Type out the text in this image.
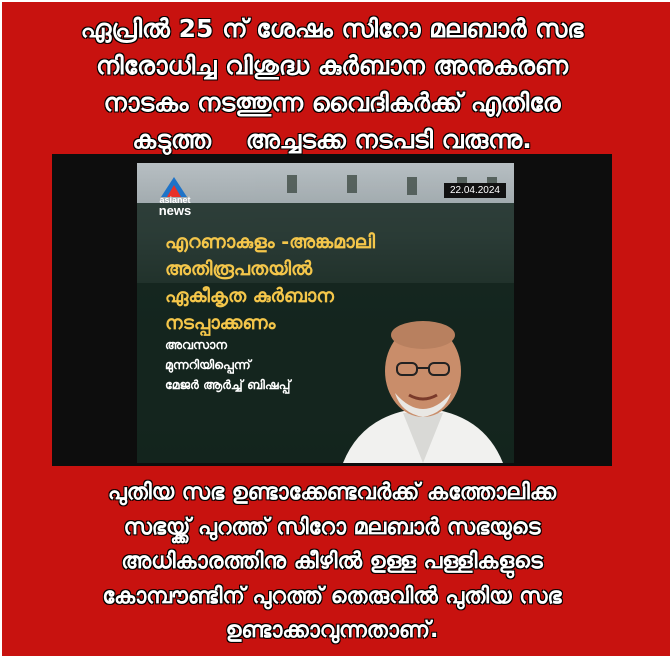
ഏപ്രിൽ 25 ന് ശേഷം സിറോ മലബാർ സഭ
നിരോധിച്ച വിശുദ്ധ കുർബാന അനുകരണ
നാടകം നടത്തുന്ന വൈദികർക്ക് എതിരേ
കടുത്ത    അച്ചടക്ക നടപടി വരുന്നു.
asianet
news
22.04.2024
എറണാകുളം -അങ്കമാലി
അതിരൂപതയിൽ
ഏകീകൃത കുർബാന
നടപ്പാക്കണം
അവസാന
മുന്നറിയിപ്പെന്ന്
മേജർ ആർച്ച് ബിഷപ്പ്
പുതിയ സഭ ഉണ്ടാക്കേണ്ടവർക്ക് കത്തോലിക്ക
സഭയ്ക്ക് പുറത്ത് സിറോ മലബാർ സഭയുടെ
അധികാരത്തിനു കീഴിൽ ഉള്ള പള്ളികളുടെ
കോമ്പൗണ്ടിന് പുറത്ത് തെരുവിൽ പുതിയ സഭ
ഉണ്ടാക്കാവുന്നതാണ്.
